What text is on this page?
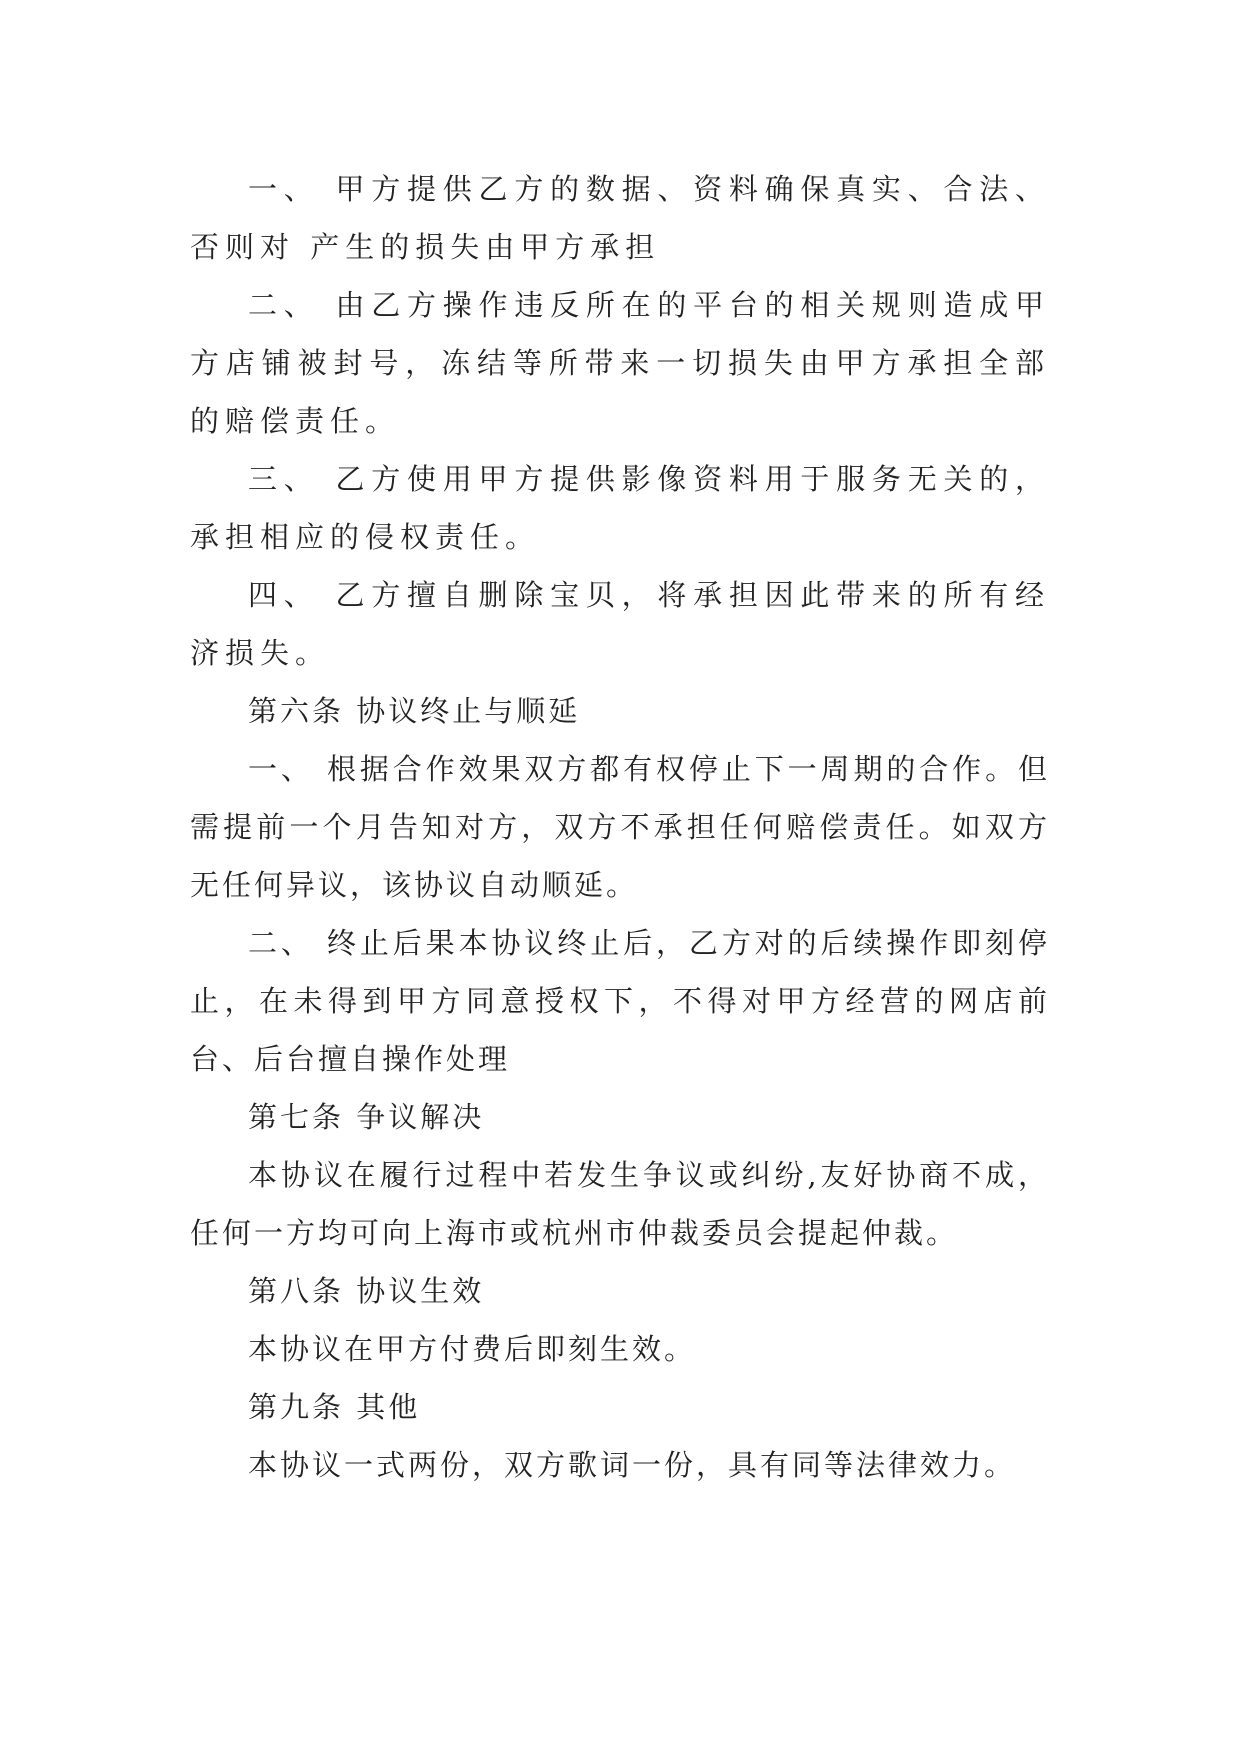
一、 甲方提供乙方的数据、资料确保真实、合法、否则对 产生的损失由甲方承担

二、 由乙方操作违反所在的平台的相关规则造成甲方店铺被封号，冻结等所带来一切损失由甲方承担全部的赔偿责任。

三、 乙方使用甲方提供影像资料用于服务无关的，承担相应的侵权责任。

四、 乙方擅自删除宝贝，将承担因此带来的所有经济损失。

第六条 协议终止与顺延

一、 根据合作效果双方都有权停止下一周期的合作。但需提前一个月告知对方，双方不承担任何赔偿责任。如双方无任何异议，该协议自动顺延。

二、 终止后果本协议终止后，乙方对的后续操作即刻停止，在未得到甲方同意授权下，不得对甲方经营的网店前台、后台擅自操作处理

第七条 争议解决

本协议在履行过程中若发生争议或纠纷,友好协商不成，任何一方均可向上海市或杭州市仲裁委员会提起仲裁。

第八条 协议生效

本协议在甲方付费后即刻生效。

第九条 其他

本协议一式两份，双方歌词一份，具有同等法律效力。
